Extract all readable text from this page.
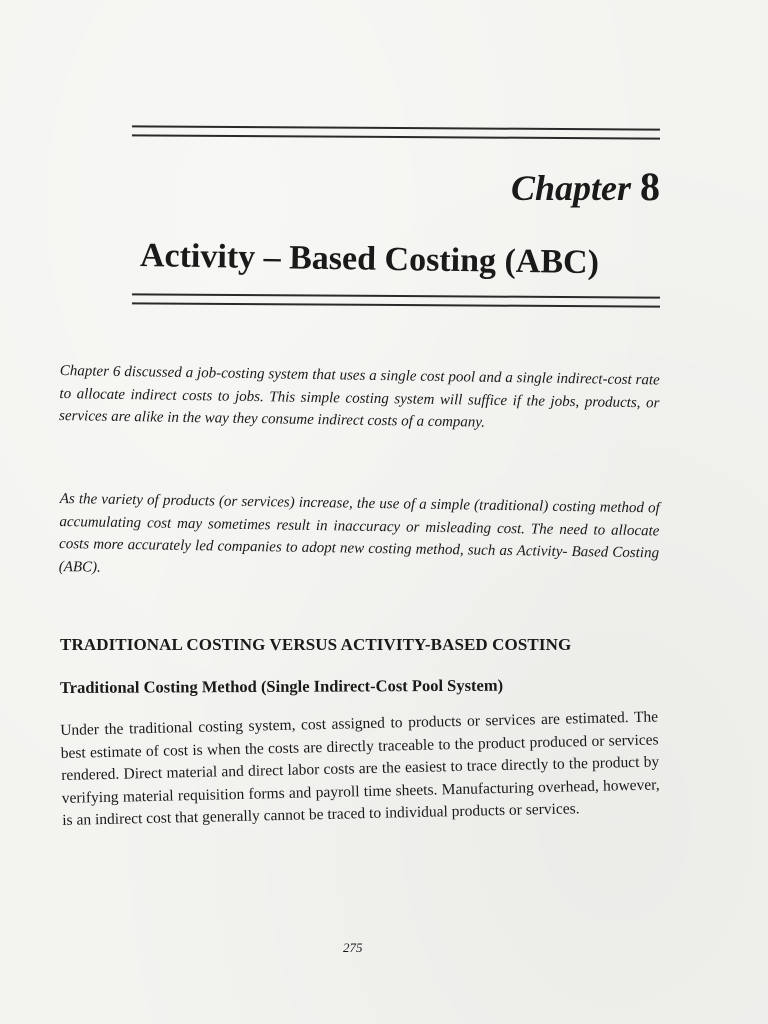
Chapter 8
Activity – Based Costing (ABC)

Chapter 6 discussed a job-costing system that uses a single cost pool and a single indirect-cost rate to allocate indirect costs to jobs. This simple costing system will suffice if the jobs, products, or services are alike in the way they consume indirect costs of a company.

As the variety of products (or services) increase, the use of a simple (traditional) costing method of accumulating cost may sometimes result in inaccuracy or misleading cost. The need to allocate costs more accurately led companies to adopt new costing method, such as Activity- Based Costing (ABC).

TRADITIONAL COSTING VERSUS ACTIVITY-BASED COSTING
Traditional Costing Method (Single Indirect-Cost Pool System)

Under the traditional costing system, cost assigned to products or services are estimated. The best estimate of cost is when the costs are directly traceable to the product produced or services rendered. Direct material and direct labor costs are the easiest to trace directly to the product by verifying material requisition forms and payroll time sheets. Manufacturing overhead, however, is an indirect cost that generally cannot be traced to individual products or services.

275
